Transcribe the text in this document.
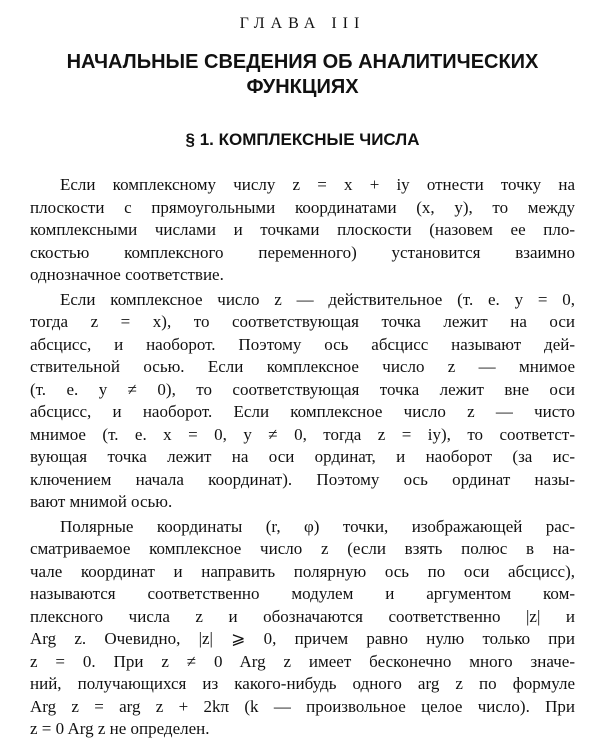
ГЛАВА III
НАЧАЛЬНЫЕ СВЕДЕНИЯ ОБ АНАЛИТИЧЕСКИХ
ФУНКЦИЯХ
§ 1. КОМПЛЕКСНЫЕ ЧИСЛА

Если комплексному числу z = x + iy отнести точку на
плоскости с прямоугольными координатами (x, y), то между
комплексными числами и точками плоскости (назовем ее пло-
скостью комплексного переменного) установится взаимно
однозначное соответствие.

Если комплексное число z — действительное (т. е. y = 0,
тогда z = x), то соответствующая точка лежит на оси
абсцисс, и наоборот. Поэтому ось абсцисс называют дей-
ствительной осью. Если комплексное число z — мнимое
(т. е. y ≠ 0), то соответствующая точка лежит вне оси
абсцисс, и наоборот. Если комплексное число z — чисто
мнимое (т. е. x = 0, y ≠ 0, тогда z = iy), то соответст-
вующая точка лежит на оси ординат, и наоборот (за ис-
ключением начала координат). Поэтому ось ординат назы-
вают мнимой осью.

Полярные координаты (r, φ) точки, изображающей рас-
сматриваемое комплексное число z (если взять полюс в на-
чале координат и направить полярную ось по оси абсцисс),
называются соответственно модулем и аргументом ком-
плексного числа z и обозначаются соответственно |z| и
Arg z. Очевидно, |z| ⩾ 0, причем равно нулю только при
z = 0. При z ≠ 0 Arg z имеет бесконечно много значе-
ний, получающихся из какого-нибудь одного arg z по формуле
Arg z = arg z + 2kπ (k — произвольное целое число). При
z = 0 Arg z не определен.
